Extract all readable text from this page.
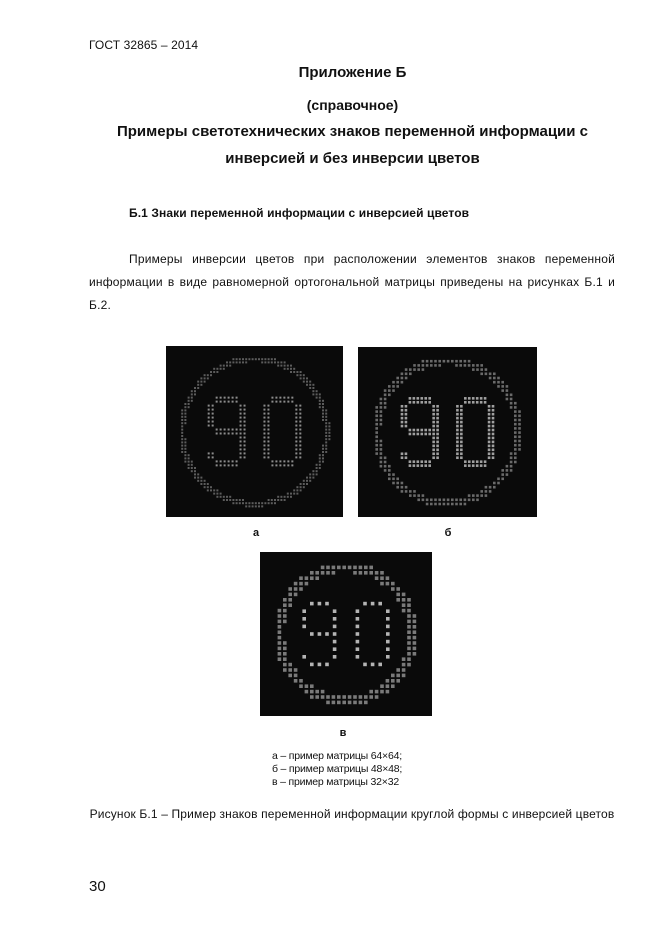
ГОСТ 32865 – 2014
Приложение Б
(справочное)
Примеры светотехнических знаков переменной информации с
инверсией и без инверсии цветов
Б.1 Знаки переменной информации с инверсией цветов
Примеры инверсии цветов при расположении элементов знаков переменной информации в виде равномерной ортогональной матрицы приведены на рисунках Б.1 и Б.2.
а	б
в
а – пример матрицы 64×64;
б – пример матрицы 48×48;
в – пример матрицы 32×32
Рисунок Б.1 – Пример знаков переменной информации круглой формы с инверсией цветов
30
